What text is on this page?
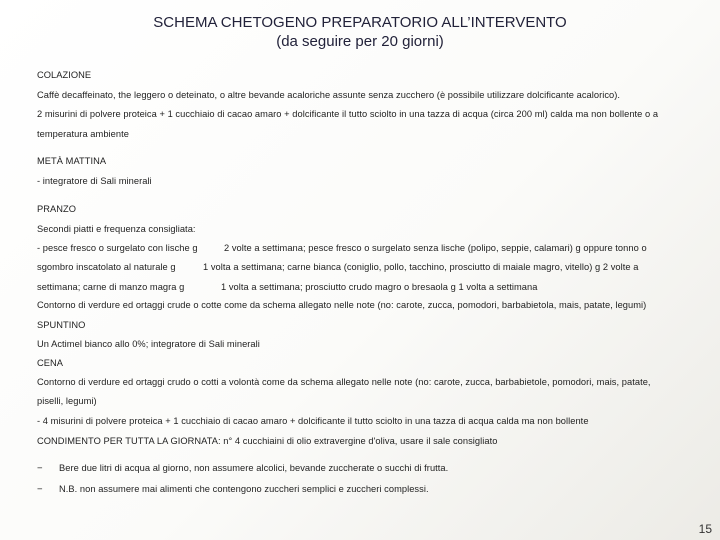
SCHEMA CHETOGENO PREPARATORIO ALL’INTERVENTO
(da seguire per 20 giorni)
COLAZIONE
Caffè decaffeinato, the leggero o deteinato, o altre bevande acaloriche assunte senza zucchero (è possibile utilizzare dolcificante acalorico).
2 misurini di polvere proteica + 1 cucchiaio di cacao amaro + dolcificante il tutto sciolto in una tazza di acqua (circa 200 ml) calda ma non bollente o a
temperatura ambiente
METÀ MATTINA
- integratore di Sali minerali
PRANZO
Secondi piatti e frequenza consigliata:
- pesce fresco o surgelato con lische g	2 volte a settimana; pesce fresco o surgelato senza lische (polipo, seppie, calamari) g oppure tonno o
sgombro inscatolato al naturale g	1 volta a settimana; carne bianca (coniglio, pollo, tacchino, prosciutto di maiale magro, vitello) g 2 volte a
settimana; carne di manzo magra g	1 volta a settimana; prosciutto crudo magro o bresaola g 1 volta a settimana
Contorno di verdure ed ortaggi crude o cotte come da schema allegato nelle note (no: carote, zucca, pomodori, barbabietola, mais, patate, legumi)
SPUNTINO
Un Actimel bianco allo 0%; integratore di Sali minerali
CENA
Contorno di verdure ed ortaggi crudo o cotti a volontà come da schema allegato nelle note (no: carote, zucca, barbabietole, pomodori, mais, patate,
piselli, legumi)
- 4 misurini di polvere proteica + 1 cucchiaio di cacao amaro + dolcificante il tutto sciolto in una tazza di acqua calda ma non bollente
CONDIMENTO PER TUTTA LA GIORNATA: n° 4 cucchiaini di olio extravergine d'oliva, usare il sale consigliato
− Bere due litri di acqua al giorno, non assumere alcolici, bevande zuccherate o succhi di frutta.
− N.B. non assumere mai alimenti che contengono zuccheri semplici e zuccheri complessi.
15
